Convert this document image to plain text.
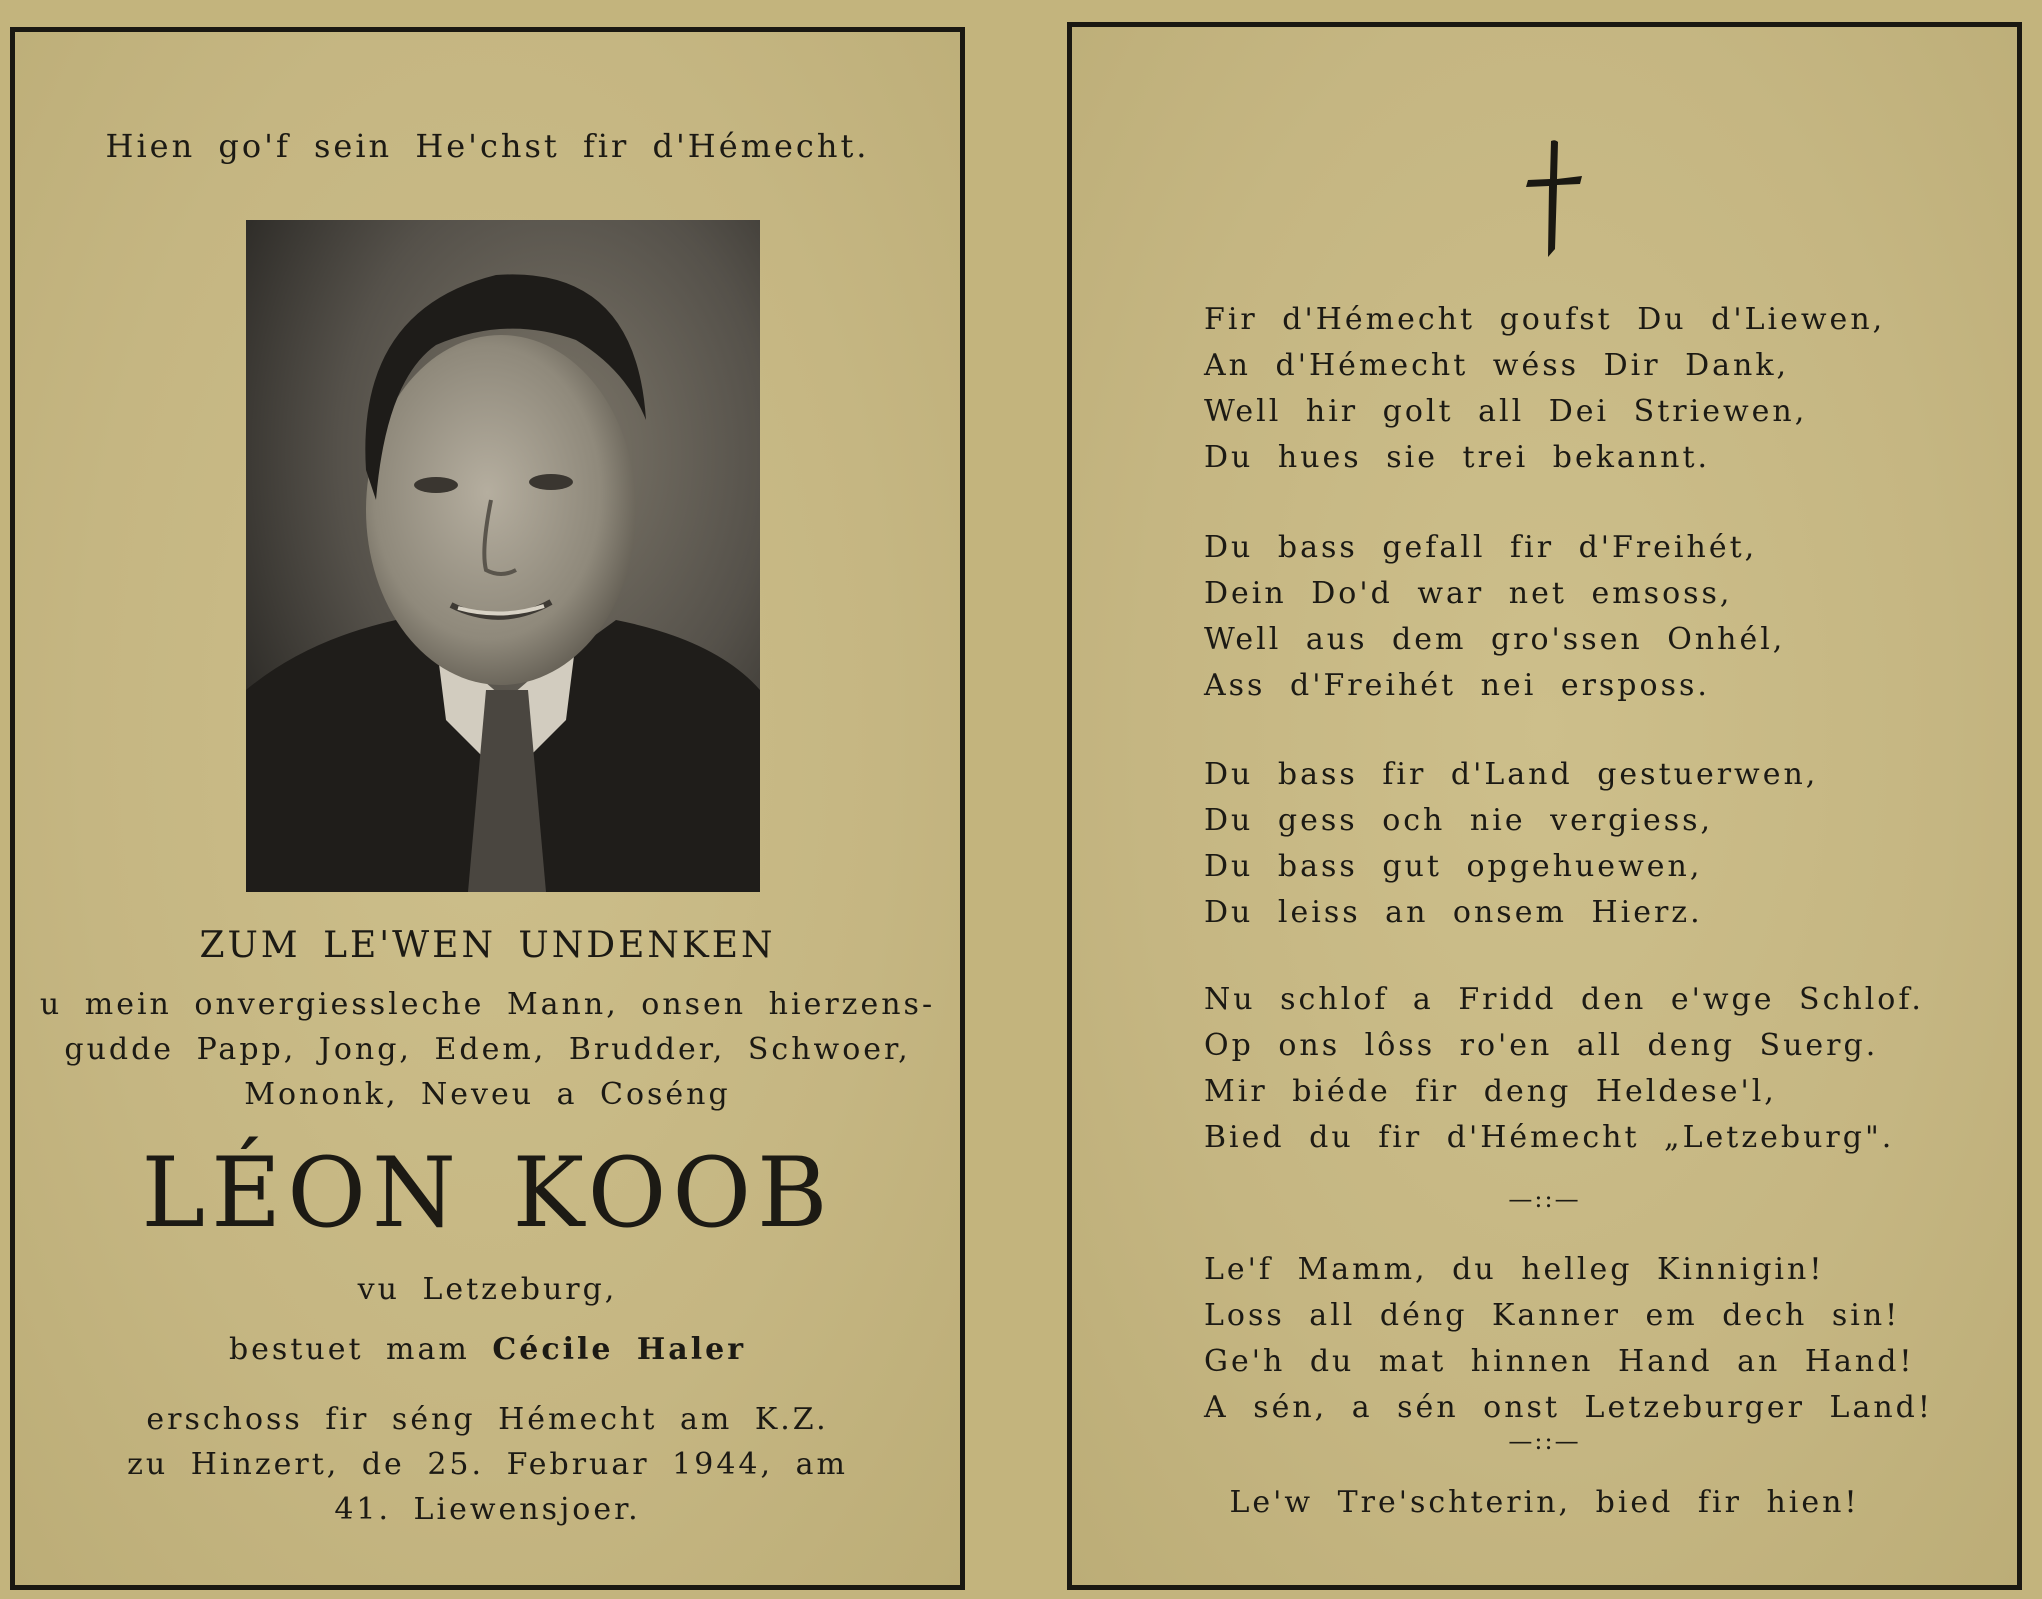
Hien go'f sein He'chst fir d'Hémecht.
ZUM LE'WEN UNDENKEN
u mein onvergiessleche Mann, onsen hierzens-
gudde Papp, Jong, Edem, Brudder, Schwoer,
Mononk, Neveu a Coséng
LÉON KOOB
vu Letzeburg,
bestuet mam Cécile Haler
erschoss fir séng Hémecht am K.Z.
zu Hinzert, de 25. Februar 1944, am
41. Liewensjoer.
Fir d'Hémecht goufst Du d'Liewen,
An d'Hémecht wéss Dir Dank,
Well hir golt all Dei Striewen,
Du hues sie trei bekannt.
Du bass gefall fir d'Freihét,
Dein Do'd war net emsoss,
Well aus dem gro'ssen Onhél,
Ass d'Freihét nei ersposs.
Du bass fir d'Land gestuerwen,
Du gess och nie vergiess,
Du bass gut opgehuewen,
Du leiss an onsem Hierz.
Nu schlof a Fridd den e'wge Schlof.
Op ons lôss ro'en all deng Suerg.
Mir biéde fir deng Heldese'l,
Bied du fir d'Hémecht „Letzeburg".
—::—
Le'f Mamm, du helleg Kinnigin!
Loss all déng Kanner em dech sin!
Ge'h du mat hinnen Hand an Hand!
A sén, a sén onst Letzeburger Land!
—::—
Le'w Tre'schterin, bied fir hien!
